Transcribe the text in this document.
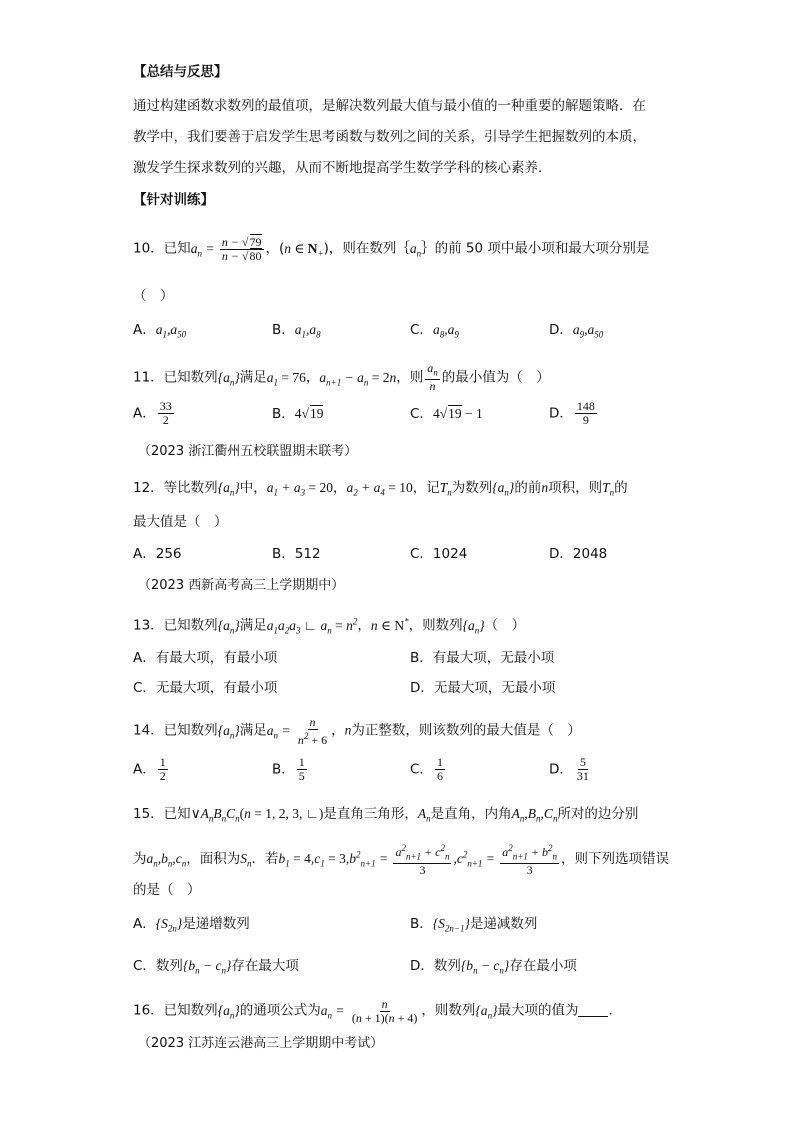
【总结与反思】
通过构建函数求数列的最值项，是解决数列最大值与最小值的一种重要的解题策略．在
教学中，我们要善于启发学生思考函数与数列之间的关系，引导学生把握数列的本质，
激发学生探求数列的兴趣，从而不断地提高学生数学学科的核心素养．
【针对训练】
10．已知$a_n = \frac{n - √79}{n - √80}$ ，(n ∈ $N_+$)，则在数列$\{a_n\}$的前 50 项中最小项和最大项分别是
（　）
A．$a_1,a_{50}$	B．$a_1,a_8$	C．$a_8,a_9$	D．$a_9,a_{50}$
11．已知数列$\{a_n\}$满足$a_1 = 76$，$a_{n+1} - a_n = 2n$，则 $\frac{a_n}{n}$ 的最小值为（　）
A． $\frac{33}{2}$	B．4√19	C．4√19 − 1	D． $\frac{148}{9}$
（2023 浙江衢州五校联盟期末联考）
12．等比数列$\{a_n\}$中，$a_1 + a_3 = 20$，$a_2 + a_4 = 10$，记$T_n$为数列$\{a_n\}$的前n项积，则$T_n$的
最大值是（　）
A．256	B．512	C．1024	D．2048
（2023 西新高考高三上学期期中）
13．已知数列$\{a_n\}$满足$a_1a_2a_3$ ∟ $a_n = n^2$，n ∈ N*，则数列$\{a_n\}$（　）
A．有最大项，有最小项	B．有最大项，无最小项
C．无最大项，有最小项	D．无最大项，无最小项
14．已知数列$\{a_n\}$满足$a_n = \frac{n}{n^2 + 6}$ ，n为正整数，则该数列的最大值是（　）
A． $\frac{1}{2}$	B． $\frac{1}{5}$	C． $\frac{1}{6}$	D． $\frac{5}{31}$
15．已知$\vee A_nB_nC_n(n = 1$, 2, 3, ∟)是直角三角形，$A_n$是直角，内角$A_n,B_n,C_n$所对的边分别
为$a_n,b_n,c_n$，面积为$S_n$．若$b_1 = 4,c_1 = 3,b^2_{n+1} = \frac{a^2_{n+1} + c^2_n}{3} ,c^2_{n+1} = \frac{a^2_{n+1} + b^2_n}{3}$ ，则下列选项错误
的是（　）
A．$\{S_{2n}\}$是递增数列	B．$\{S_{2n-1}\}$是递减数列
C．数列$\{b_n - c_n\}$存在最大项	D．数列$\{b_n - c_n\}$存在最小项
16．已知数列$\{a_n\}$的通项公式为$a_n = \frac{n}{(n + 1)(n + 4)}$ ，则数列$\{a_n\}$最大项的值为 ．
（2023 江苏连云港高三上学期期中考试）
